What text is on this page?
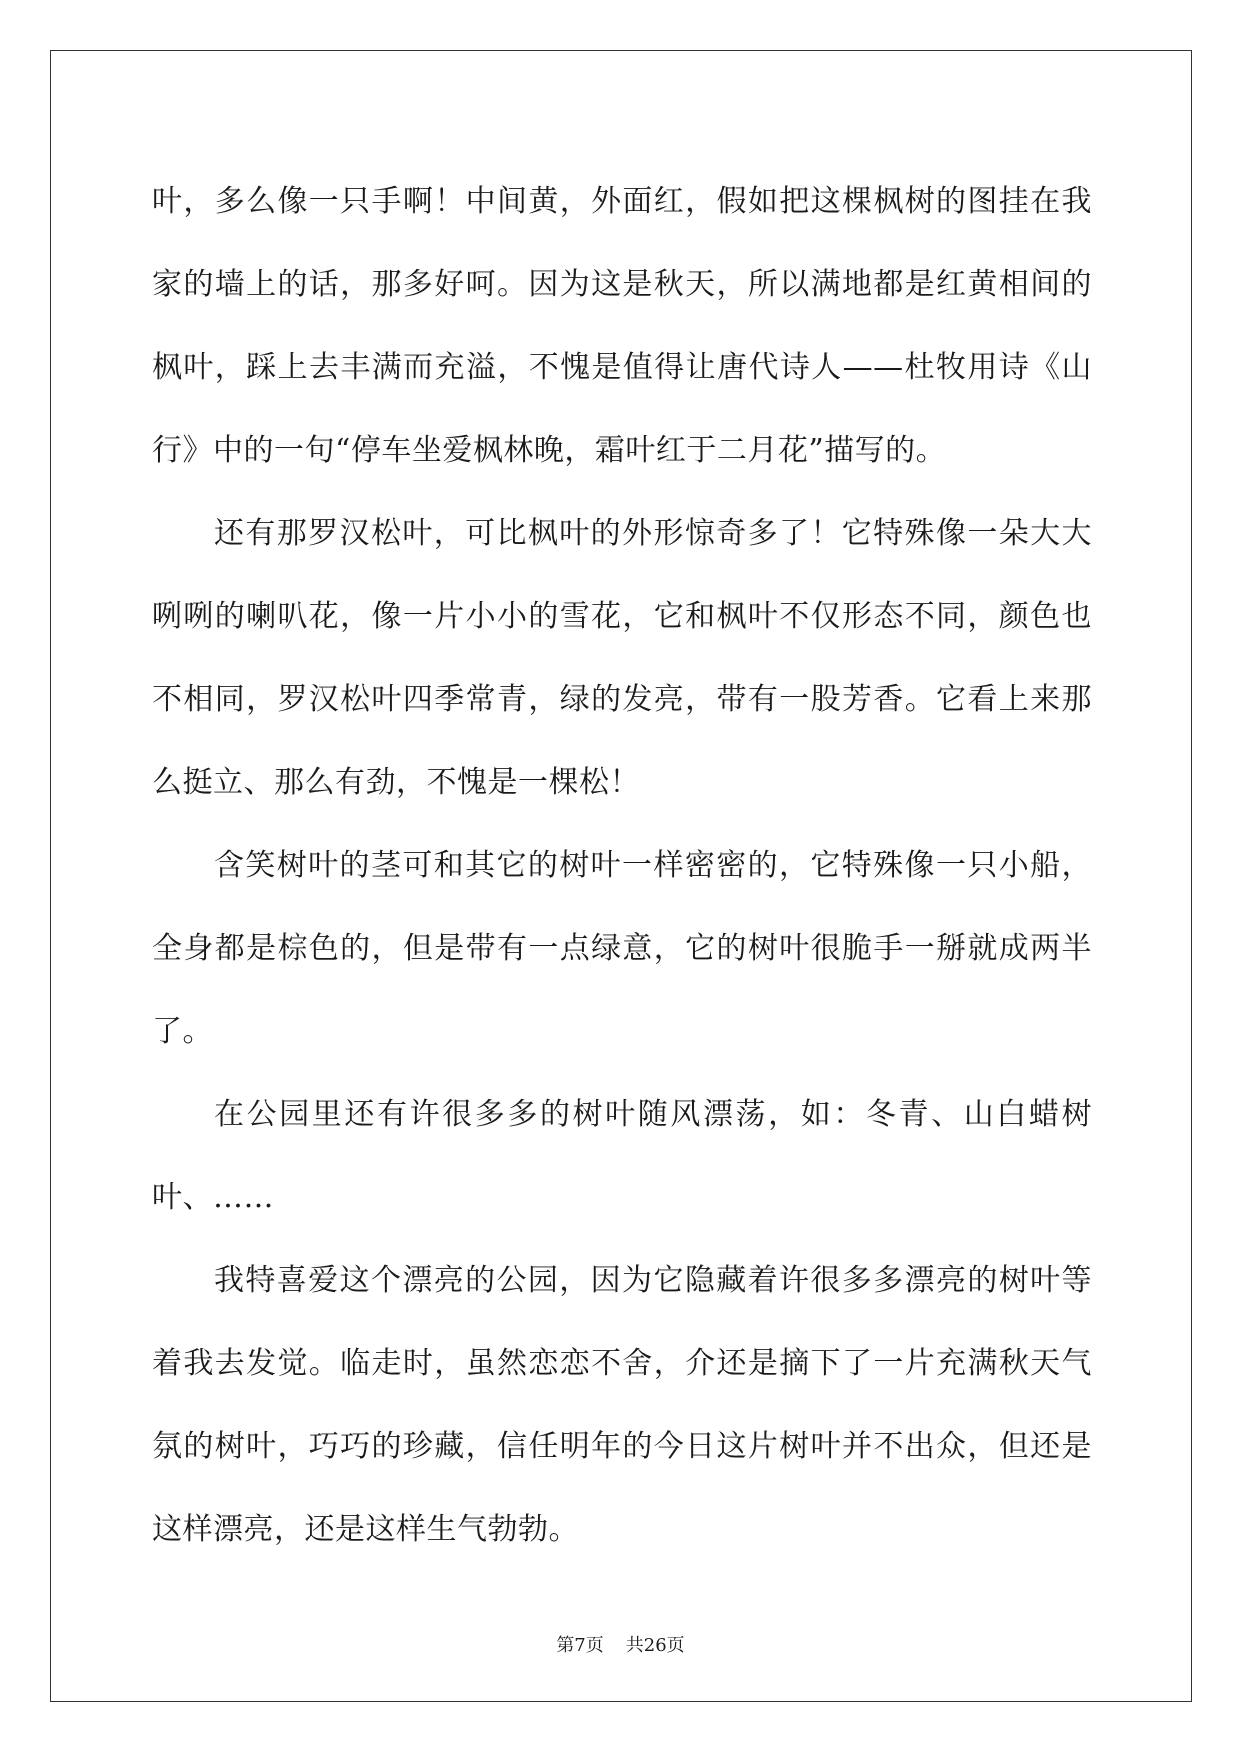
叶，多么像一只手啊！中间黄，外面红，假如把这棵枫树的图挂在我家的墙上的话，那多好呵。因为这是秋天，所以满地都是红黄相间的枫叶，踩上去丰满而充溢，不愧是值得让唐代诗人——杜牧用诗《山行》中的一句“停车坐爱枫林晚，霜叶红于二月花”描写的。

还有那罗汉松叶，可比枫叶的外形惊奇多了！它特殊像一朵大大咧咧的喇叭花，像一片小小的雪花，它和枫叶不仅形态不同，颜色也不相同，罗汉松叶四季常青，绿的发亮，带有一股芳香。它看上来那么挺立、那么有劲，不愧是一棵松！

含笑树叶的茎可和其它的树叶一样密密的，它特殊像一只小船，全身都是棕色的，但是带有一点绿意，它的树叶很脆手一掰就成两半了。

在公园里还有许很多多的树叶随风漂荡，如：冬青、山白蜡树叶、……

我特喜爱这个漂亮的公园，因为它隐藏着许很多多漂亮的树叶等着我去发觉。临走时，虽然恋恋不舍，介还是摘下了一片充满秋天气氛的树叶，巧巧的珍藏，信任明年的今日这片树叶并不出众，但还是这样漂亮，还是这样生气勃勃。

第7页 共26页
